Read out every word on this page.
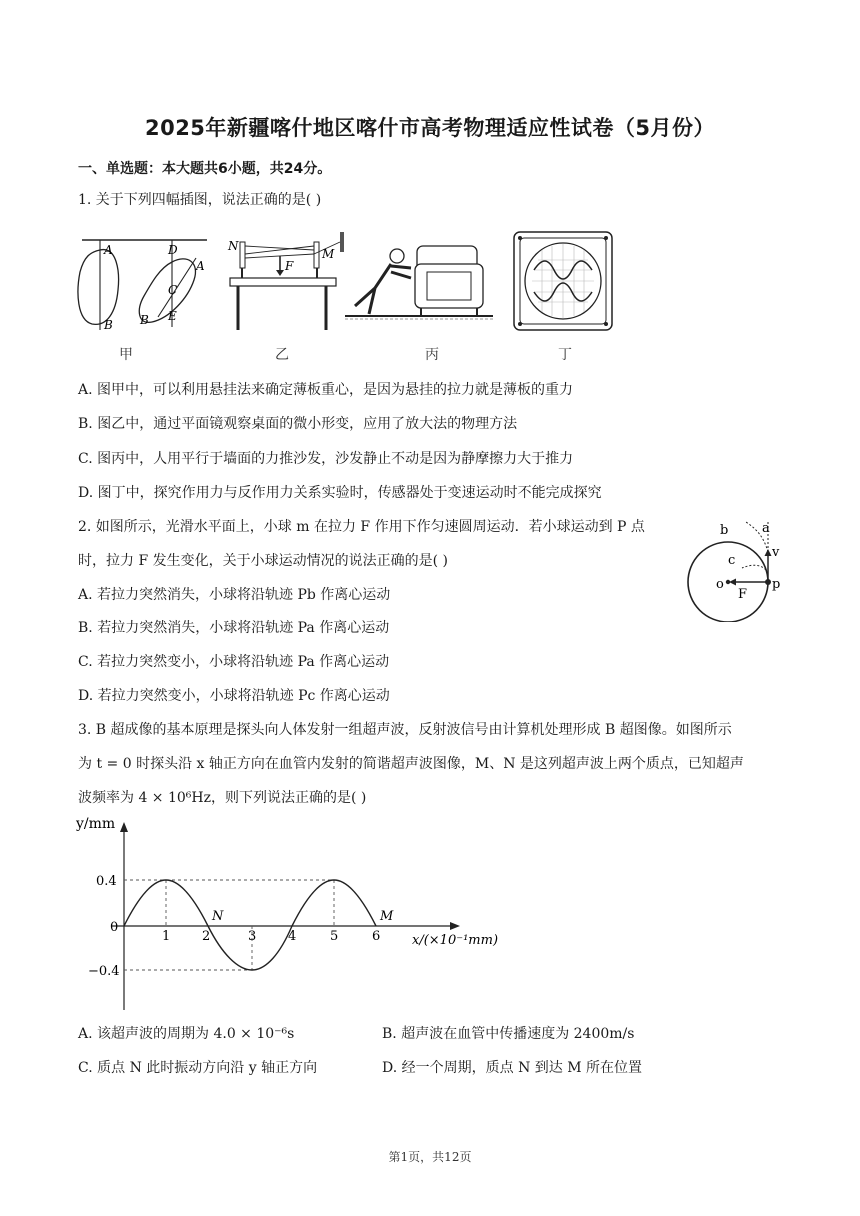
2025年新疆喀什地区喀什市高考物理适应性试卷（5月份）
一、单选题：本大题共6小题，共24分。
1. 关于下列四幅插图，说法正确的是( )
A
B
D
A
C
B E
甲
N
M
F
乙	丙	丁
A. 图甲中，可以利用悬挂法来确定薄板重心，是因为悬挂的拉力就是薄板的重力
B. 图乙中，通过平面镜观察桌面的微小形变，应用了放大法的物理方法
C. 图丙中，人用平行于墙面的力推沙发，沙发静止不动是因为静摩擦力大于推力
D. 图丁中，探究作用力与反作用力关系实验时，传感器处于变速运动时不能完成探究
2. 如图所示，光滑水平面上，小球 m 在拉力 F 作用下作匀速圆周运动．若小球运动到 P 点
时，拉力 F 发生变化，关于小球运动情况的说法正确的是( )
b	a
v
c
o
F
p
A. 若拉力突然消失，小球将沿轨迹 Pb 作离心运动
B. 若拉力突然消失，小球将沿轨迹 Pa 作离心运动
C. 若拉力突然变小，小球将沿轨迹 Pa 作离心运动
D. 若拉力突然变小，小球将沿轨迹 Pc 作离心运动
3. B 超成像的基本原理是探头向人体发射一组超声波，反射波信号由计算机处理形成 B 超图像。如图所示
为 t = 0 时探头沿 x 轴正方向在血管内发射的简谐超声波图像，M、N 是这列超声波上两个质点，已知超声
波频率为 4 × 10⁶Hz，则下列说法正确的是( )
y/mm
x/(×10⁻¹mm)
0.4
0
−0.4
1 2	3 4	5	6
N	M
A. 该超声波的周期为 4.0 × 10⁻⁶s	B. 超声波在血管中传播速度为 2400m/s
C. 质点 N 此时振动方向沿 y 轴正方向	D. 经一个周期，质点 N 到达 M 所在位置
第1页，共12页
